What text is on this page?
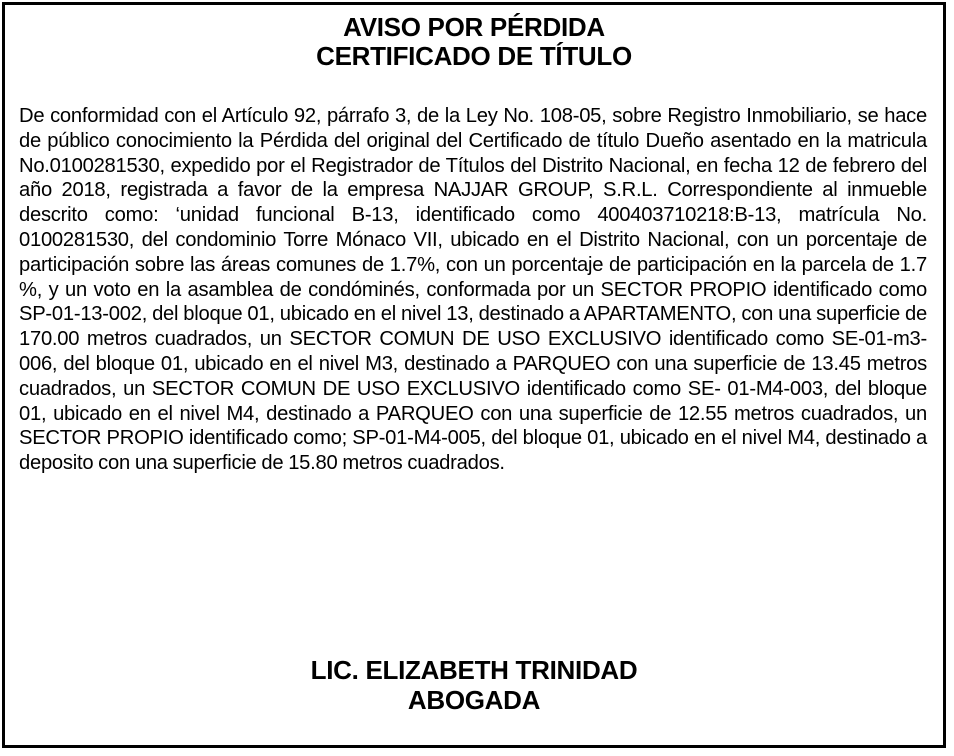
AVISO POR PÉRDIDA
CERTIFICADO DE TÍTULO
De conformidad con el Artículo 92, párrafo 3, de la Ley No. 108-05, sobre Registro Inmobiliario, se hace de público conocimiento la Pérdida del original del Certificado de título Dueño asentado en la matricula No.0100281530, expedido por el Registrador de Títulos del Distrito Nacional, en fecha 12 de febrero del año 2018, registrada a favor de la empresa NAJJAR GROUP, S.R.L. Correspondiente al inmueble descrito como: ‘unidad funcional B-13, identificado como 400403710218:B-13, matrícula No. 0100281530, del condominio Torre Mónaco VII, ubicado en el Distrito Nacional, con un porcentaje de participación sobre las áreas comunes de 1.7%, con un porcentaje de participación en la parcela de 1.7 %, y un voto en la asamblea de condóminés, conformada por un SECTOR PROPIO identificado como SP-01-13-002, del bloque 01, ubicado en el nivel 13, destinado a APARTAMENTO, con una superficie de 170.00 metros cuadrados, un SECTOR COMUN DE USO EXCLUSIVO identificado como SE-01-m3-006, del bloque 01, ubicado en el nivel M3, destinado a PARQUEO con una superficie de 13.45 metros cuadrados, un SECTOR COMUN DE USO EXCLUSIVO identificado como SE- 01-M4-003, del bloque 01, ubicado en el nivel M4, destinado a PARQUEO con una superficie de 12.55 metros cuadrados, un SECTOR PROPIO identificado como; SP-01-M4-005, del bloque 01, ubicado en el nivel M4, destinado a deposito con una superficie de 15.80 metros cuadrados.
LIC. ELIZABETH TRINIDAD
ABOGADA
